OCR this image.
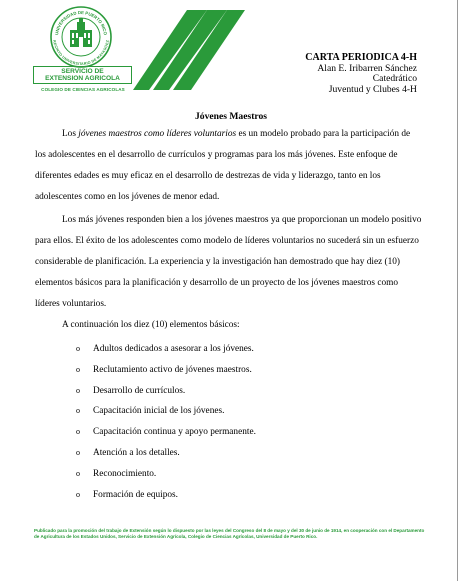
UNIVERSIDAD DE PUERTO RICO
RECINTO UNIVERSITARIO DE MAYAGÜEZ
SERVICIO DE
EXTENSION AGRICOLA
COLEGIO DE CIENCIAS AGRICOLAS
CARTA PERIODICA 4-H
Alan E. Iribarren Sánchez
Catedrático
Juventud y Clubes 4-H
Jóvenes Maestros
Los jóvenes maestros como líderes voluntarios es un modelo probado para la participación de los adolescentes en el desarrollo de currículos y programas para los más jóvenes. Este enfoque de diferentes edades es muy eficaz en el desarrollo de destrezas de vida y liderazgo, tanto en los adolescentes como en los jóvenes de menor edad.
Los más jóvenes responden bien a los jóvenes maestros ya que proporcionan un modelo positivo para ellos. El éxito de los adolescentes como modelo de líderes voluntarios no sucederá sin un esfuerzo considerable de planificación. La experiencia y la investigación han demostrado que hay diez (10) elementos básicos para la planificación y desarrollo de un proyecto de los jóvenes maestros como líderes voluntarios.
A continuación los diez (10) elementos básicos:
o Adultos dedicados a asesorar a los jóvenes.
o Reclutamiento activo de jóvenes maestros.
o Desarrollo de currículos.
o Capacitación inicial de los jóvenes.
o Capacitación continua y apoyo permanente.
o Atención a los detalles.
o Reconocimiento.
o Formación de equipos.
Publicado para la promoción del trabajo de Extensión según lo dispuesto por las leyes del Congreso del 8 de mayo y del 30 de junio de 1914, en cooperación con el Departamento de Agricultura de los Estados Unidos, Servicio de Extensión Agrícola, Colegio de Ciencias Agrícolas, Universidad de Puerto Rico.
